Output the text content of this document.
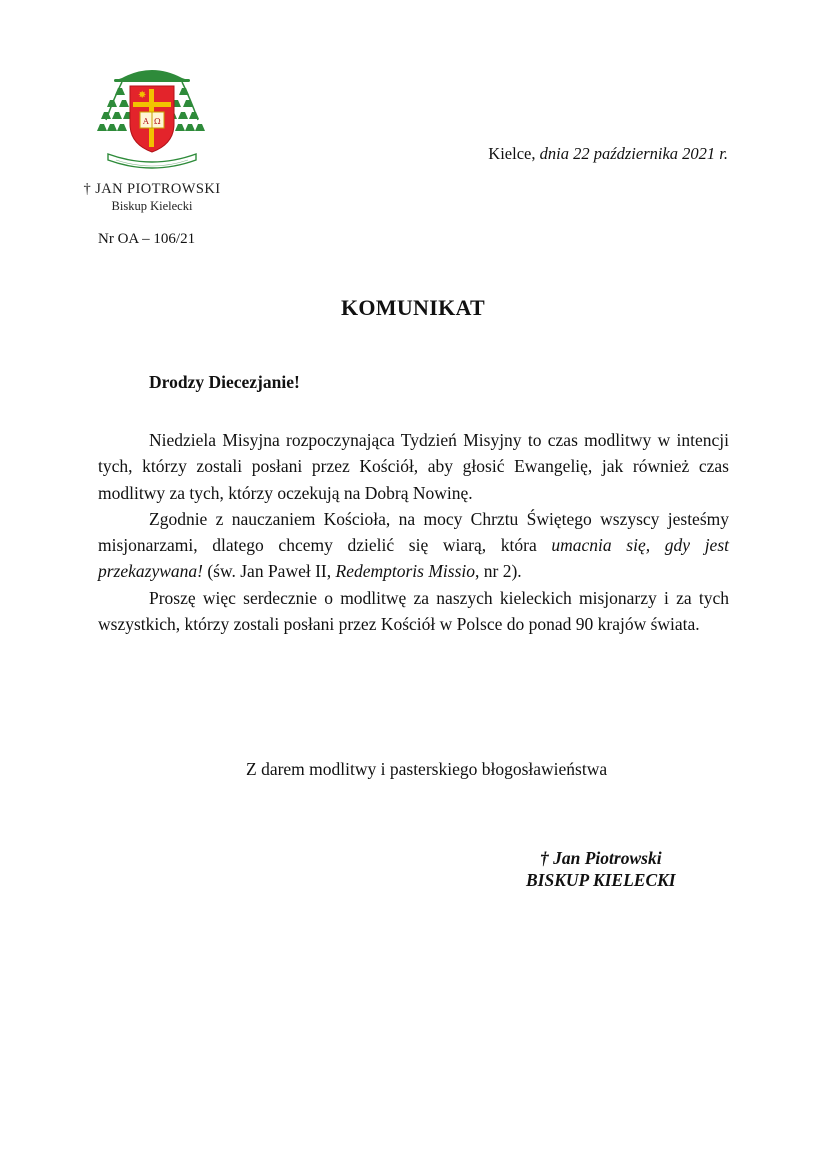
✸
Α Ω
† JAN PIOTROWSKI
Biskup Kielecki
Nr OA – 106/21
Kielce, dnia 22 października 2021 r.
KOMUNIKAT
Drodzy Diecezjanie!

Niedziela Misyjna rozpoczynająca Tydzień Misyjny to czas modlitwy w intencji tych, którzy zostali posłani przez Kościół, aby głosić Ewangelię, jak również czas modlitwy za tych, którzy oczekują na Dobrą Nowinę.

Zgodnie z nauczaniem Kościoła, na mocy Chrztu Świętego wszyscy jesteśmy misjonarzami, dlatego chcemy dzielić się wiarą, która umacnia się, gdy jest przekazywana! (św. Jan Paweł II, Redemptoris Missio, nr 2).

Proszę więc serdecznie o modlitwę za naszych kieleckich misjonarzy i za tych wszystkich, którzy zostali posłani przez Kościół w Polsce do ponad 90 krajów świata.

Z darem modlitwy i pasterskiego błogosławieństwa
† Jan Piotrowski
BISKUP KIELECKI
